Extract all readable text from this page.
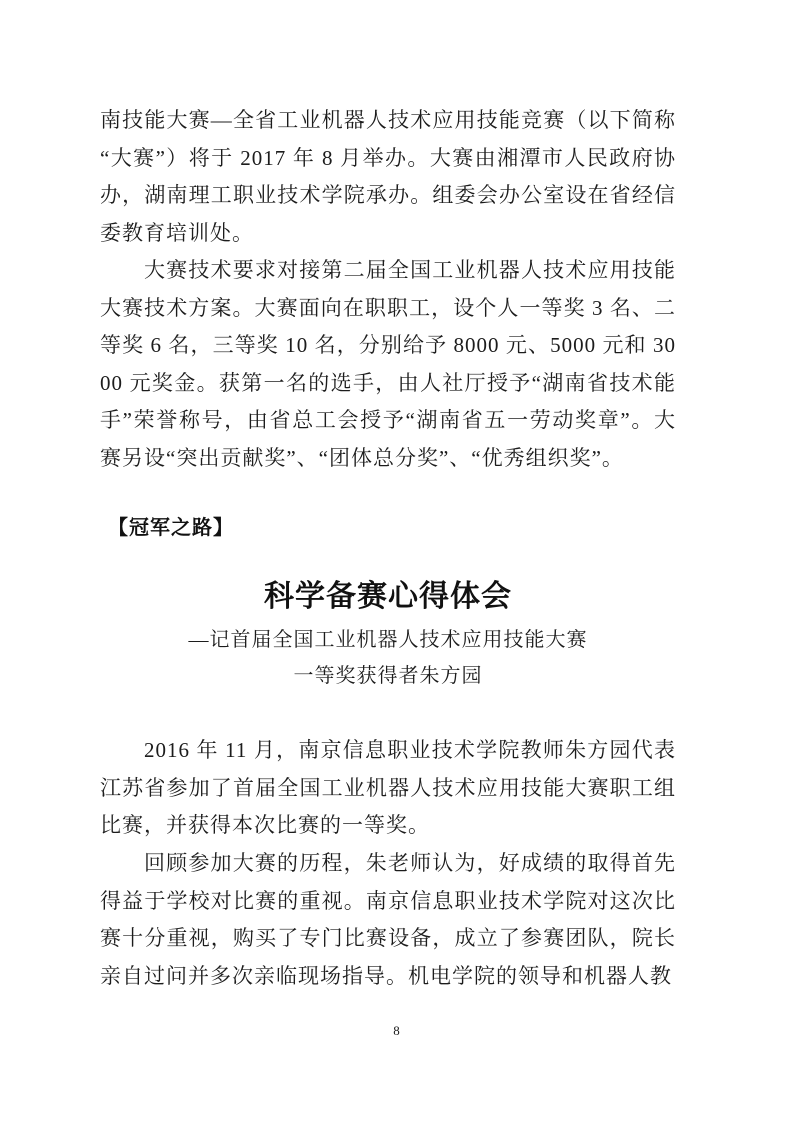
南技能大赛—全省工业机器人技术应用技能竞赛（以下简称“大赛”）将于 2017 年 8 月举办。大赛由湘潭市人民政府协办，湖南理工职业技术学院承办。组委会办公室设在省经信委教育培训处。
大赛技术要求对接第二届全国工业机器人技术应用技能大赛技术方案。大赛面向在职职工，设个人一等奖 3 名、二等奖 6 名，三等奖 10 名，分别给予 8000 元、5000 元和 3000 元奖金。获第一名的选手，由人社厅授予“湖南省技术能手”荣誉称号，由省总工会授予“湖南省五一劳动奖章”。大赛另设“突出贡献奖”、“团体总分奖”、“优秀组织奖”。
【冠军之路】
科学备赛心得体会
—记首届全国工业机器人技术应用技能大赛
一等奖获得者朱方园
2016 年 11 月，南京信息职业技术学院教师朱方园代表江苏省参加了首届全国工业机器人技术应用技能大赛职工组比赛，并获得本次比赛的一等奖。
回顾参加大赛的历程，朱老师认为，好成绩的取得首先得益于学校对比赛的重视。南京信息职业技术学院对这次比赛十分重视，购买了专门比赛设备，成立了参赛团队，院长亲自过问并多次亲临现场指导。机电学院的领导和机器人教
8
